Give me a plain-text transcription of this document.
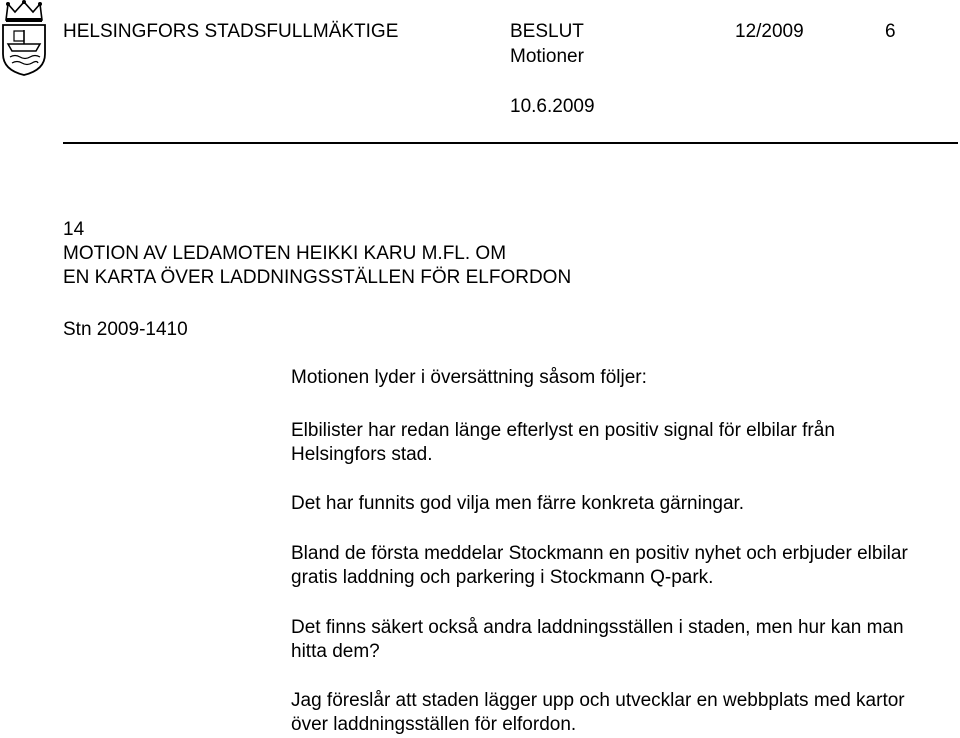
HELSINGFORS STADSFULLMÄKTIGE	BESLUT	12/2009	6
Motioner
10.6.2009
14
MOTION AV LEDAMOTEN HEIKKI KARU M.FL. OM
EN KARTA ÖVER LADDNINGSSTÄLLEN FÖR ELFORDON
Stn 2009-1410
Motionen lyder i översättning såsom följer:
Elbilister har redan länge efterlyst en positiv signal för elbilar från Helsingfors stad.
Det har funnits god vilja men färre konkreta gärningar.
Bland de första meddelar Stockmann en positiv nyhet och erbjuder elbilar gratis laddning och parkering i Stockmann Q-park.
Det finns säkert också andra laddningsställen i staden, men hur kan man hitta dem?
Jag föreslår att staden lägger upp och utvecklar en webbplats med kartor över laddningsställen för elfordon.
